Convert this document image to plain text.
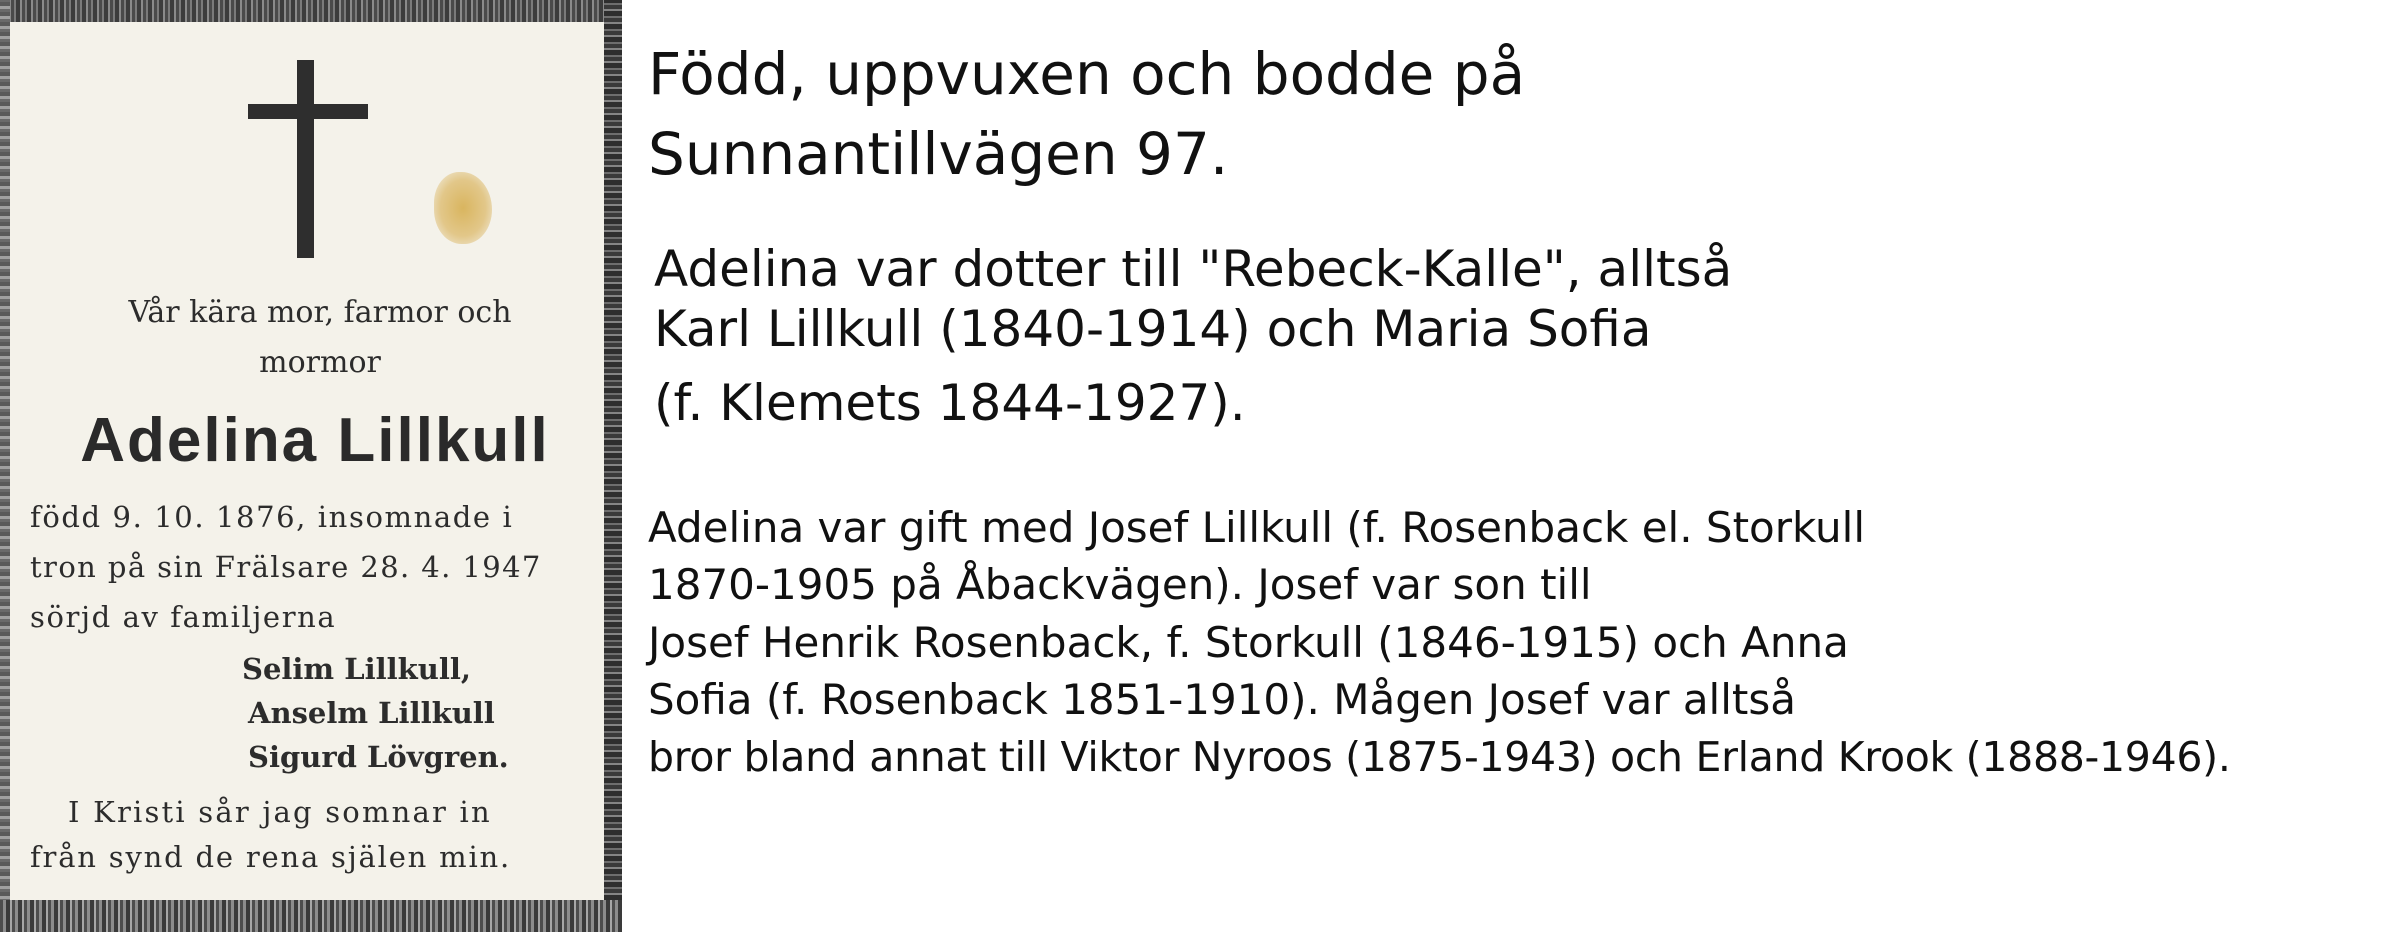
Vår kära mor, farmor och
mormor
Adelina Lillkull
född 9. 10. 1876, insomnade i
tron på sin Frälsare 28. 4. 1947
sörjd av familjerna
Selim Lillkull,
Anselm Lillkull
Sigurd Lövgren.
I Kristi sår jag somnar in
från synd de rena själen min.
Född, uppvuxen och bodde på
Sunnantillvägen 97.
Adelina var dotter till "Rebeck-Kalle", alltså
Karl Lillkull (1840-1914) och Maria Sofia
(f. Klemets 1844-1927).
Adelina var gift med Josef Lillkull (f. Rosenback el. Storkull
1870-1905 på Åbackvägen). Josef var son till
Josef Henrik Rosenback, f. Storkull (1846-1915) och Anna
Sofia (f. Rosenback 1851-1910). Mågen Josef var alltså
bror bland annat till Viktor Nyroos (1875-1943) och Erland Krook (1888-1946).
